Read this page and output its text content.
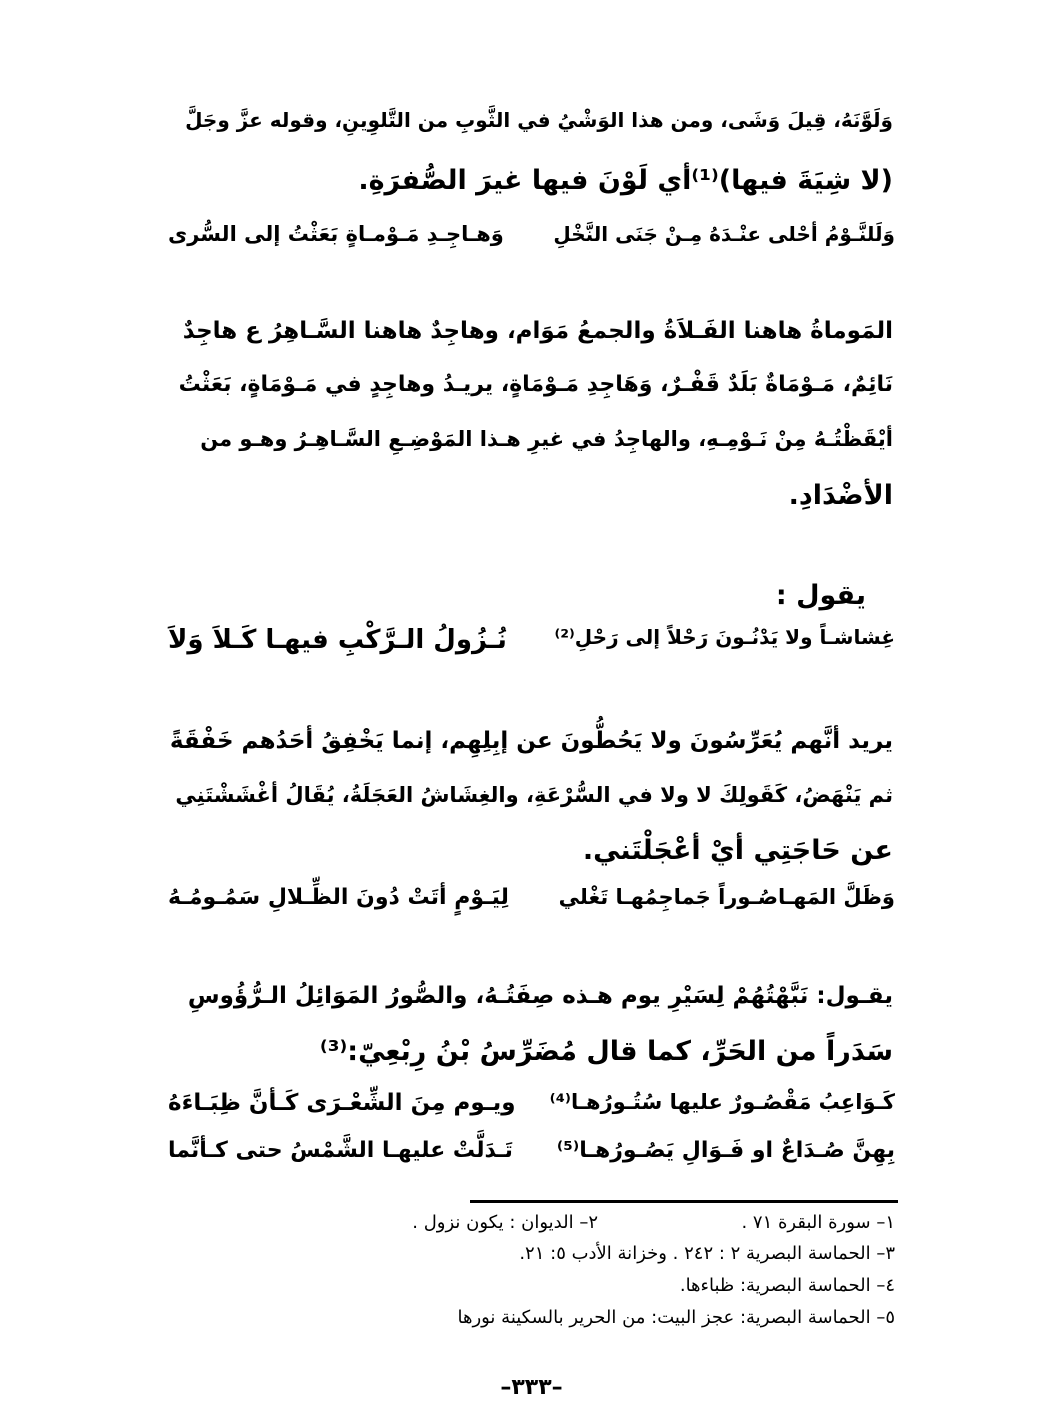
وَلَوَّنَهُ، قِيلَ وَشَى، ومن هذا الوَشْيُ في الثَّوبِ من التَّلوِينِ، وقوله عزَّ وجَلَّ
(لا شِيَةَ فيها)⁽¹⁾أي لَوْنَ فيها غيرَ الصُّفرَةِ.
وَهـاجِـدِ مَـوْمـاةٍ بَعَثْتُ إلى السُّرى وَلَلنَّـوْمُ أحْلى عنْـدَهُ مِـنْ جَنَى النَّخْلِ
المَوماةُ هاهنا الفَـلاَةُ والجمعُ مَوَام، وهاجِدٌ هاهنا السَّـاهِرُ ع هاجِدٌ
نَائِمٌ، مَـوْمَاةٌ بَلَدٌ قَفْـرٌ، وَهَاجِدِ مَـوْمَاةٍ، يريـدُ وهاجِدٍ في مَـوْمَاةٍ، بَعَثْتُ
أيْقَظْتُـهُ مِنْ نَـوْمِـهِ، والهاجِدُ في غيرِ هـذا المَوْضِـعِ السَّـاهِـرُ وهـو من
الأضْدَادِ.
يقول :
نُـزُولُ الـرَّكْبِ فيهـا كَـلاَ وَلاَ غِشاشـاً ولا يَدْنُـونَ رَحْلاً إلى رَحْلِ⁽²⁾
يريد أنَّهم يُعَرِّسُونَ ولا يَحُطُّونَ عن إبِلِهِم، إنما يَخْفِقُ أحَدُهم خَفْقَةً
ثم يَنْهَضُ، كَقَولِكَ لا ولا في السُّرْعَةِ، والغِشَاشُ العَجَلَةُ، يُقَالُ أغْشَشْتَنِي
عن حَاجَتِي أيْ أعْجَلْتَني.
لِيَـوْمٍ أتَتْ دُونَ الظِّـلالِ سَمُـومُـهُ وَظَلَّ المَهـاصُـوراً جَماجِمُهـا تَغْلي
يقـول: نَبَّهْتُهُمْ لِسَيْرِ يوم هـذه صِفَتُـهُ، والصُّورُ المَوَائِلُ الـرُّؤُوسِ
سَدَراً من الحَرِّ، كما قال مُضَرِّسُ بْنُ رِبْعِيّ:⁽³⁾
ويـوم مِنَ الشِّعْـرَى كَـأنَّ ظِبَـاءَهُ كَـوَاعِبُ مَقْصُـورٌ عليها سُتُـورُهـا⁽⁴⁾
تَـدَلَّتْ عليهـا الشَّمْسُ حتى كـأنَّما بِهِنَّ صُـدَاعٌ او فَـوَالِ يَصُـورُهـا⁽⁵⁾
١– سورة البقرة ٧١ .
٢– الديوان : يكون نزول .
٣– الحماسة البصرية ٢ : ٢٤٢ . وخزانة الأدب ٥: ٢١.
٤– الحماسة البصرية: ظباءها.
٥– الحماسة البصرية: عجز البيت: من الحرير بالسكينة نورها
–٣٣٣–
